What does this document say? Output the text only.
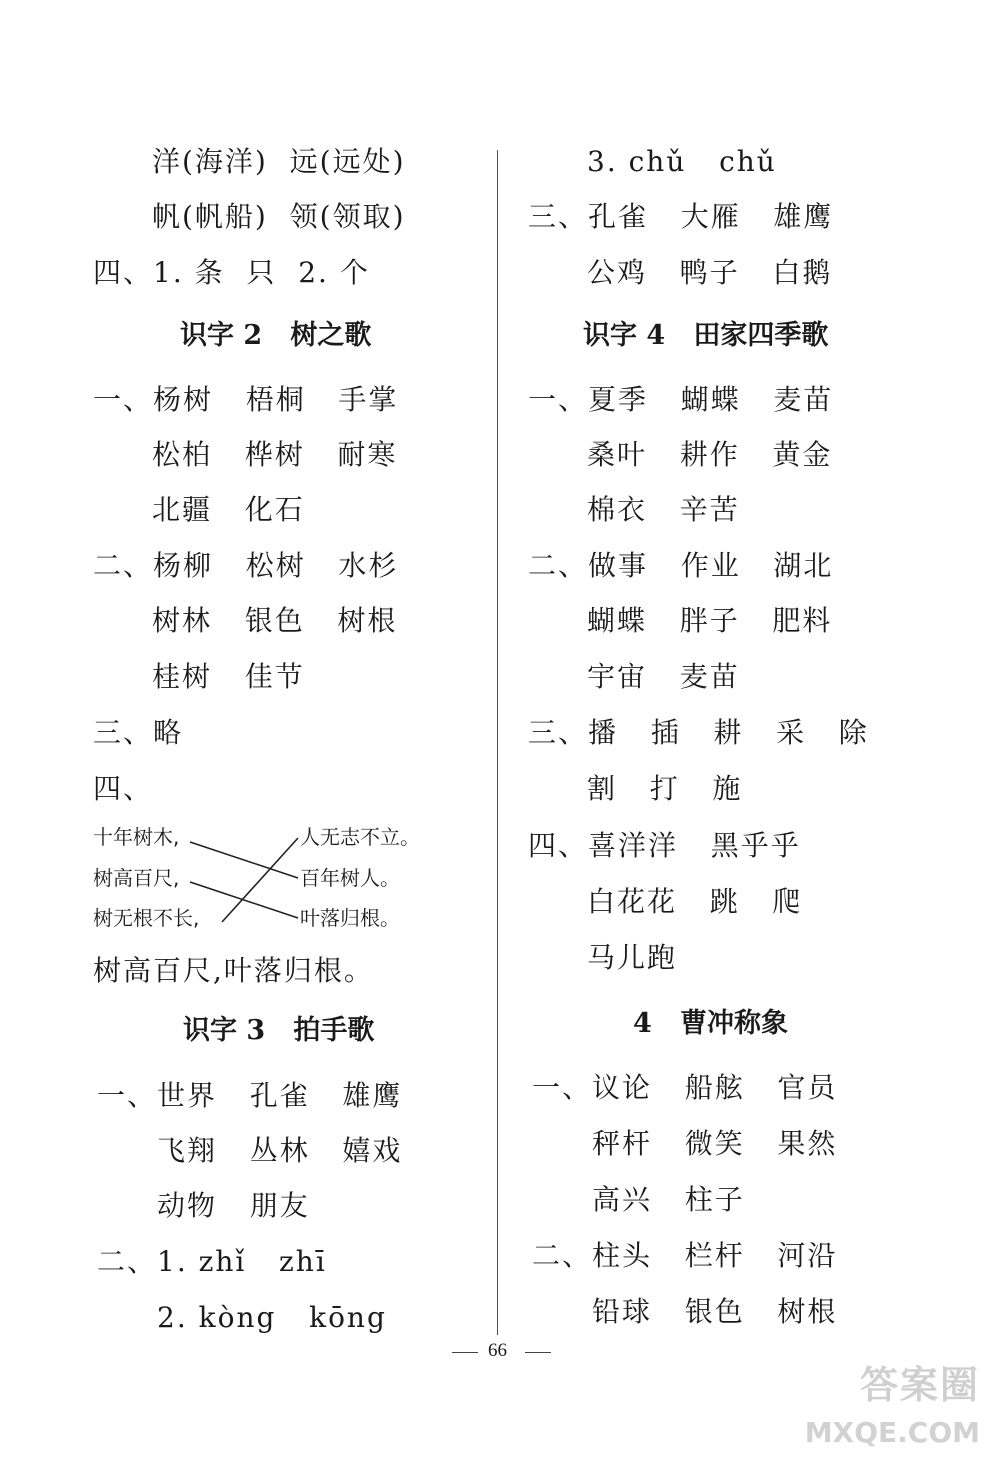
洋(海洋)  远(远处)
帆(帆船)  领(领取)
四、1. 条  只  2. 个
识字 2   树之歌
一、杨树   梧桐   手掌
松柏   桦树   耐寒
北疆   化石
二、杨柳   松树   水杉
树林   银色   树根
桂树   佳节
三、略
四、
十年树木,
树高百尺,
树无根不长,
人无志不立。
百年树人。
叶落归根。
树高百尺,叶落归根。
识字 3   拍手歌
一、世界   孔雀   雄鹰
飞翔   丛林   嬉戏
动物   朋友
二、1. zhǐ   zhī
2. kòng   kōng
3. chǔ   chǔ
三、孔雀   大雁   雄鹰
公鸡   鸭子   白鹅
识字 4   田家四季歌
一、夏季   蝴蝶   麦苗
桑叶   耕作   黄金
棉衣   辛苦
二、做事   作业   湖北
蝴蝶   胖子   肥料
宇宙   麦苗
三、播   插   耕   采   除
割   打   施
四、喜洋洋   黑乎乎
白花花   跳   爬
马儿跑
4   曹冲称象
一、议论   船舷   官员
秤杆   微笑   果然
高兴   柱子
二、柱头   栏杆   河沿
铅球   银色   树根
66
答案圈
MXQE.COM
